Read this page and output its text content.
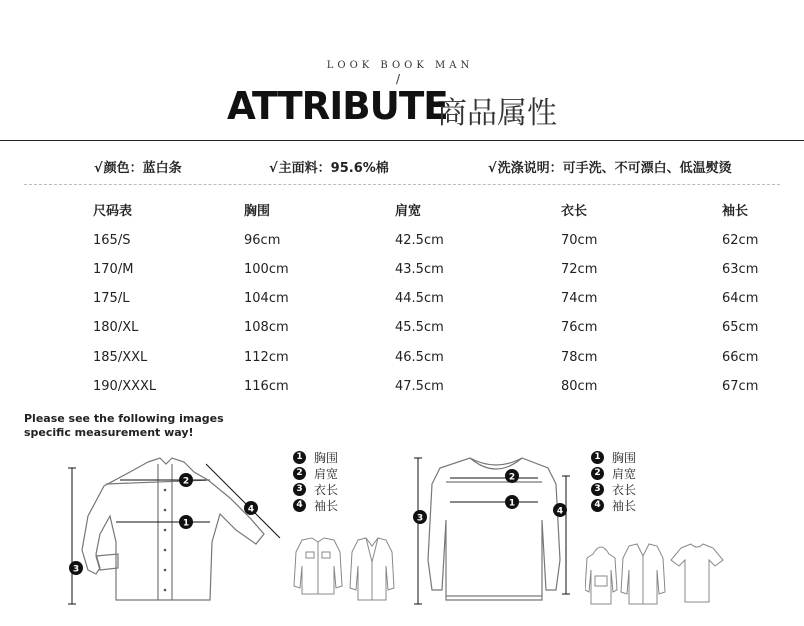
LOOK BOOK MAN
/
ATTRIBUTE
商品属性
√颜色：蓝白条	√主面料：95.6%棉	√洗涤说明：可手洗、不可漂白、低温熨烫
尺码表	胸围	肩宽	衣长	袖长
165/S	96cm	42.5cm	70cm	62cm
170/M	100cm	43.5cm	72cm	63cm
175/L	104cm	44.5cm	74cm	64cm
180/XL	108cm	45.5cm	76cm	65cm
185/XXL	112cm	46.5cm	78cm	66cm
190/XXXL	116cm	47.5cm	80cm	67cm
Please see the following images specific measurement way!
1
2
3
4
1 胸围
2 肩宽
3 衣长
4 袖长	1
2
3
4
1 胸围
2 肩宽
3 衣长
4 袖长
